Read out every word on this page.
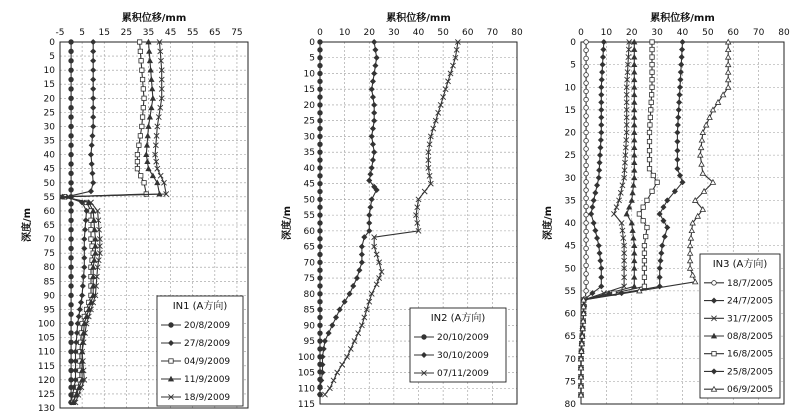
累积位移/mm
-5 5 15 25 35 45 55 65 75
0
5
10
15
20
25
30
35
40
45
50
55
60
65
70
75
80
85
90
95
100
105
110
115
120
125
130
深度/m
IN1 (A方向)
20/8/2009
27/8/2009
04/9/2009
11/9/2009
18/9/2009
累积位移/mm
0 10 20 30 40 50 60 70 80
0
5
10
15
20
25
30
35
40
45
50
55
60
65
70
75
80
85
90
95
100
105
110
115
深度/m
IN2 (A方向)
20/10/2009
30/10/2009
07/11/2009
累积位移/mm
0 10 20 30 40 50 60 70 80
0
5
10
15
20
25
30
35
40
45
50
55
60
65
70
75
80
深度/m
IN3 (A方向)
18/7/2005
24/7/2005
31/7/2005
08/8/2005
16/8/2005
25/8/2005
06/9/2005
